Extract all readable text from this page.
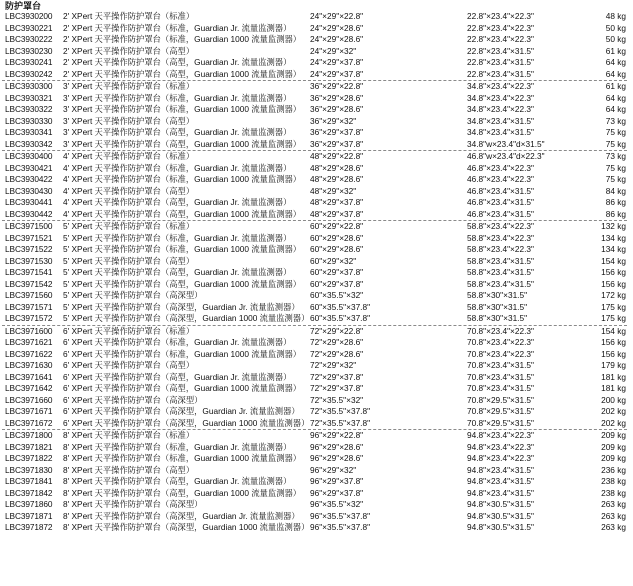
防护罩台
LBC3930200 2' XPert 天平操作防护罩台（标准）	24"×29"×22.8"	22.8"×23.4"×22.3"	48 kg
LBC3930221 2' XPert 天平操作防护罩台（标准，Guardian Jr. 流量监测器） 24"×29"×28.6"	22.8"×23.4"×22.3"	50 kg
LBC3930222 2' XPert 天平操作防护罩台（标准，Guardian 1000 流量监测器） 24"×29"×28.6"	22.8"×23.4"×22.3"	50 kg
LBC3930230 2' XPert 天平操作防护罩台（高型）	24"×29"×32"	22.8"×23.4"×31.5"	61 kg
LBC3930241 2' XPert 天平操作防护罩台（高型，Guardian Jr. 流量监测器） 24"×29"×37.8"	22.8"×23.4"×31.5"	64 kg
LBC3930242 2' XPert 天平操作防护罩台（高型，Guardian 1000 流量监测器） 24"×29"×37.8"	22.8"×23.4"×31.5"	64 kg
LBC3930300 3' XPert 天平操作防护罩台（标准）	36"×29"×22.8"	34.8"×23.4"×22.3"	61 kg
LBC3930321 3' XPert 天平操作防护罩台（标准，Guardian Jr. 流量监测器） 36"×29"×28.6"	34.8"×23.4"×22.3"	64 kg
LBC3930322 3' XPert 天平操作防护罩台（标准，Guardian 1000 流量监测器） 36"×29"×28.6"	34.8"×23.4"×22.3"	64 kg
LBC3930330 3' XPert 天平操作防护罩台（高型）	36"×29"×32"	34.8"×23.4"×31.5"	73 kg
LBC3930341 3' XPert 天平操作防护罩台（高型，Guardian Jr. 流量监测器） 36"×29"×37.8"	34.8"×23.4"×31.5"	75 kg
LBC3930342 3' XPert 天平操作防护罩台（高型，Guardian 1000 流量监测器） 36"×29"×37.8"	34.8"w×23.4"d×31.5"	75 kg
LBC3930400 4' XPert 天平操作防护罩台（标准）	48"×29"×22.8"	46.8"w×23.4"d×22.3"	73 kg
LBC3930421 4' XPert 天平操作防护罩台（标准，Guardian Jr. 流量监测器） 48"×29"×28.6"	46.8"×23.4"×22.3"	75 kg
LBC3930422 4' XPert 天平操作防护罩台（标准，Guardian 1000 流量监测器） 48"×29"×28.6"	46.8"×23.4"×22.3"	75 kg
LBC3930430 4' XPert 天平操作防护罩台（高型）	48"×29"×32"	46.8"×23.4"×31.5"	84 kg
LBC3930441 4' XPert 天平操作防护罩台（高型，Guardian Jr. 流量监测器） 48"×29"×37.8"	46.8"×23.4"×31.5"	86 kg
LBC3930442 4' XPert 天平操作防护罩台（高型，Guardian 1000 流量监测器） 48"×29"×37.8"	46.8"×23.4"×31.5"	86 kg
LBC3971500 5' XPert 天平操作防护罩台（标准）	60"×29"×22.8"	58.8"×23.4"×22.3"	132 kg
LBC3971521 5' XPert 天平操作防护罩台（标准，Guardian Jr. 流量监测器） 60"×29"×28.6"	58.8"×23.4"×22.3"	134 kg
LBC3971522 5' XPert 天平操作防护罩台（标准，Guardian 1000 流量监测器） 60"×29"×28.6"	58.8"×23.4"×22.3"	134 kg
LBC3971530 5' XPert 天平操作防护罩台（高型）	60"×29"×32"	58.8"×23.4"×31.5"	154 kg
LBC3971541 5' XPert 天平操作防护罩台（高型，Guardian Jr. 流量监测器） 60"×29"×37.8"	58.8"×23.4"×31.5"	156 kg
LBC3971542 5' XPert 天平操作防护罩台（高型，Guardian 1000 流量监测器） 60"×29"×37.8"	58.8"×23.4"×31.5"	156 kg
LBC3971560 5' XPert 天平操作防护罩台（高深型）	60"×35.5"×32"	58.8"×30"×31.5"	172 kg
LBC3971571 5' XPert 天平操作防护罩台（高深型，Guardian Jr. 流量监测器） 60"×35.5"×37.8"	58.8"×30"×31.5"	175 kg
LBC3971572 5' XPert 天平操作防护罩台（高深型，Guardian 1000 流量监测器） 60"×35.5"×37.8"	58.8"×30"×31.5"	175 kg
LBC3971600 6' XPert 天平操作防护罩台（标准）	72"×29"×22.8"	70.8"×23.4"×22.3"	154 kg
LBC3971621 6' XPert 天平操作防护罩台（标准，Guardian Jr. 流量监测器） 72"×29"×28.6"	70.8"×23.4"×22.3"	156 kg
LBC3971622 6' XPert 天平操作防护罩台（标准，Guardian 1000 流量监测器） 72"×29"×28.6"	70.8"×23.4"×22.3"	156 kg
LBC3971630 6' XPert 天平操作防护罩台（高型）	72"×29"×32"	70.8"×23.4"×31.5"	179 kg
LBC3971641 6' XPert 天平操作防护罩台（高型，Guardian Jr. 流量监测器） 72"×29"×37.8"	70.8"×23.4"×31.5"	181 kg
LBC3971642 6' XPert 天平操作防护罩台（高型，Guardian 1000 流量监测器） 72"×29"×37.8"	70.8"×23.4"×31.5"	181 kg
LBC3971660 6' XPert 天平操作防护罩台（高深型）	72"×35.5"×32"	70.8"×29.5"×31.5"	200 kg
LBC3971671 6' XPert 天平操作防护罩台（高深型，Guardian Jr. 流量监测器） 72"×35.5"×37.8"	70.8"×29.5"×31.5"	202 kg
LBC3971672 6' XPert 天平操作防护罩台（高深型，Guardian 1000 流量监测器） 72"×35.5"×37.8"	70.8"×29.5"×31.5"	202 kg
LBC3971800 8' XPert 天平操作防护罩台（标准）	96"×29"×22.8"	94.8"×23.4"×22.3"	209 kg
LBC3971821 8' XPert 天平操作防护罩台（标准，Guardian Jr. 流量监测器） 96"×29"×28.6"	94.8"×23.4"×22.3"	209 kg
LBC3971822 8' XPert 天平操作防护罩台（标准，Guardian 1000 流量监测器） 96"×29"×28.6"	94.8"×23.4"×22.3"	209 kg
LBC3971830 8' XPert 天平操作防护罩台（高型）	96"×29"×32"	94.8"×23.4"×31.5"	236 kg
LBC3971841 8' XPert 天平操作防护罩台（高型，Guardian Jr. 流量监测器） 96"×29"×37.8"	94.8"×23.4"×31.5"	238 kg
LBC3971842 8' XPert 天平操作防护罩台（高型，Guardian 1000 流量监测器） 96"×29"×37.8"	94.8"×23.4"×31.5"	238 kg
LBC3971860 8' XPert 天平操作防护罩台（高深型）	96"×35.5"×32"	94.8"×30.5"×31.5"	263 kg
LBC3971871 8' XPert 天平操作防护罩台（高深型，Guardian Jr. 流量监测器） 96"×35.5"×37.8"	94.8"×30.5"×31.5"	263 kg
LBC3971872 8' XPert 天平操作防护罩台（高深型，Guardian 1000 流量监测器） 96"×35.5"×37.8"	94.8"×30.5"×31.5"	263 kg
